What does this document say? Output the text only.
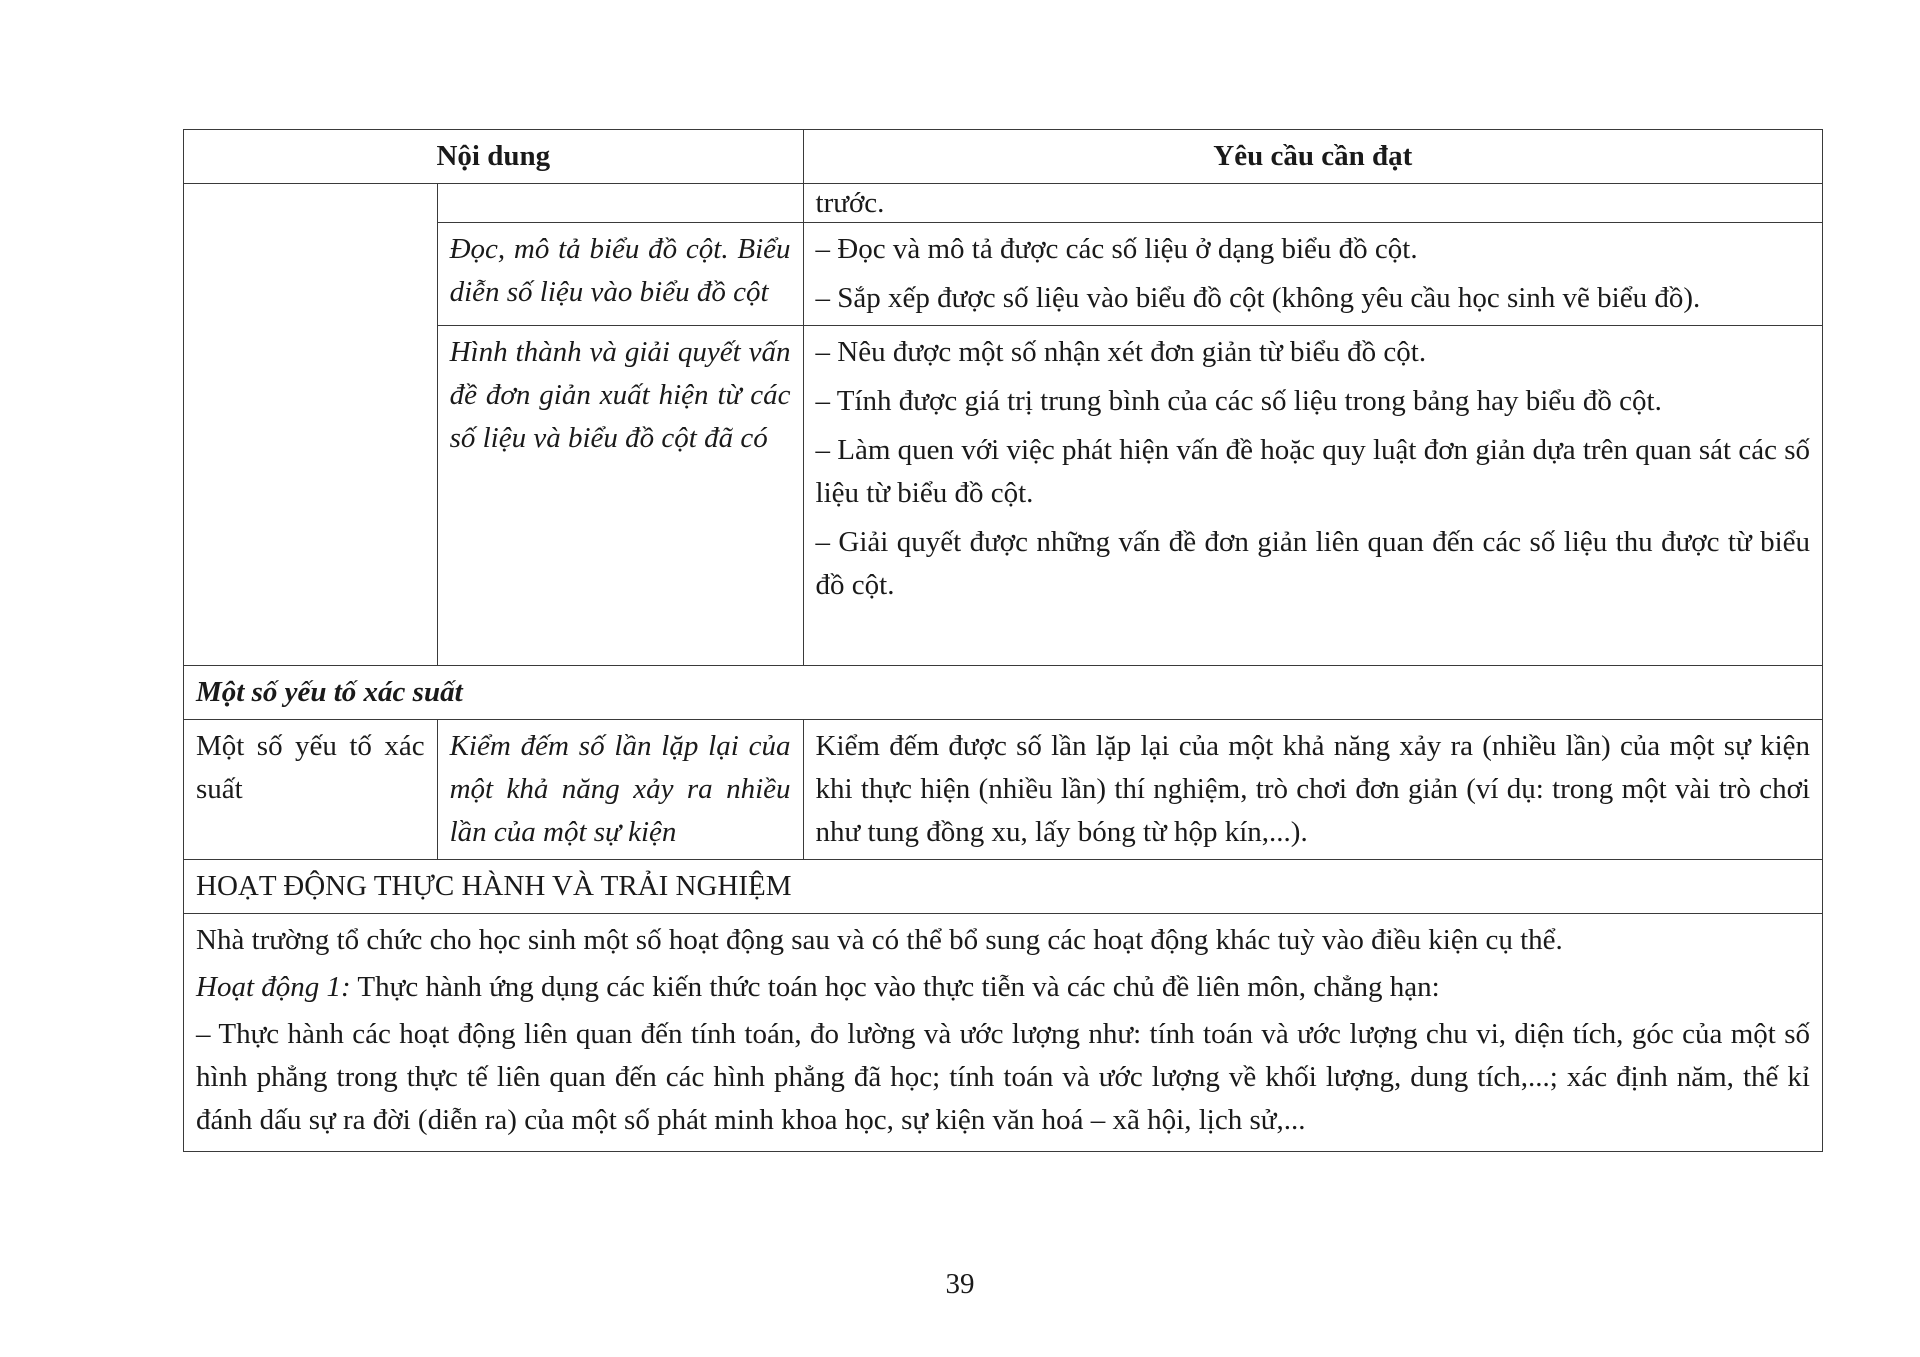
Nội dung		Yêu cầu cần đạt
		trước.
	Đọc, mô tả biểu đồ cột. Biểu diễn số liệu vào biểu đồ cột	– Đọc và mô tả được các số liệu ở dạng biểu đồ cột.

– Sắp xếp được số liệu vào biểu đồ cột (không yêu cầu học sinh vẽ biểu đồ).

	Hình thành và giải quyết vấn đề đơn giản xuất hiện từ các số liệu và biểu đồ cột đã có	– Nêu được một số nhận xét đơn giản từ biểu đồ cột.

– Tính được giá trị trung bình của các số liệu trong bảng hay biểu đồ cột.

– Làm quen với việc phát hiện vấn đề hoặc quy luật đơn giản dựa trên quan sát các số liệu từ biểu đồ cột.

– Giải quyết được những vấn đề đơn giản liên quan đến các số liệu thu được từ biểu đồ cột.

Một số yếu tố xác suất		
Một số yếu tố xác suất	Kiểm đếm số lần lặp lại của một khả năng xảy ra nhiều lần của một sự kiện	Kiểm đếm được số lần lặp lại của một khả năng xảy ra (nhiều lần) của một sự kiện khi thực hiện (nhiều lần) thí nghiệm, trò chơi đơn giản (ví dụ: trong một vài trò chơi như tung đồng xu, lấy bóng từ hộp kín,...).
HOẠT ĐỘNG THỰC HÀNH VÀ TRẢI NGHIỆM		

Nhà trường tổ chức cho học sinh một số hoạt động sau và có thể bổ sung các hoạt động khác tuỳ vào điều kiện cụ thể.

Hoạt động 1: Thực hành ứng dụng các kiến thức toán học vào thực tiễn và các chủ đề liên môn, chẳng hạn:

– Thực hành các hoạt động liên quan đến tính toán, đo lường và ước lượng như: tính toán và ước lượng chu vi, diện tích, góc của một số hình phẳng trong thực tế liên quan đến các hình phẳng đã học; tính toán và ước lượng về khối lượng, dung tích,...; xác định năm, thế kỉ đánh dấu sự ra đời (diễn ra) của một số phát minh khoa học, sự kiện văn hoá – xã hội, lịch sử,...		

39
